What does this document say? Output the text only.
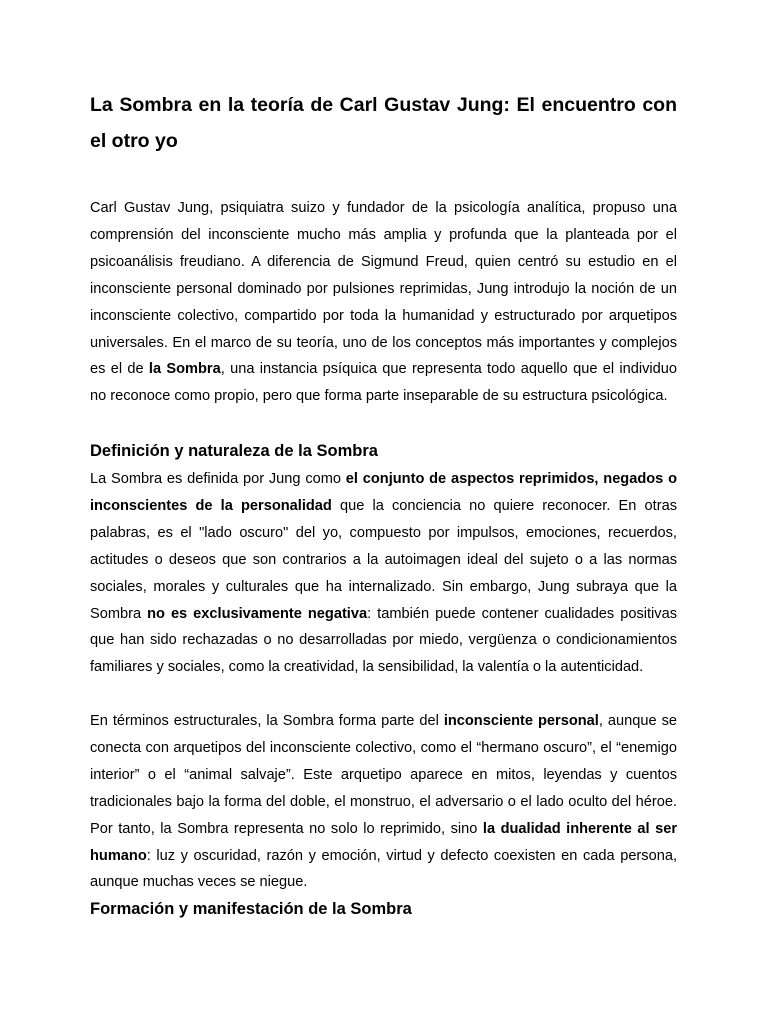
La Sombra en la teoría de Carl Gustav Jung: El encuentro con el otro yo

Carl Gustav Jung, psiquiatra suizo y fundador de la psicología analítica, propuso una comprensión del inconsciente mucho más amplia y profunda que la planteada por el psicoanálisis freudiano. A diferencia de Sigmund Freud, quien centró su estudio en el inconsciente personal dominado por pulsiones reprimidas, Jung introdujo la noción de un inconsciente colectivo, compartido por toda la humanidad y estructurado por arquetipos universales. En el marco de su teoría, uno de los conceptos más importantes y complejos es el de la Sombra, una instancia psíquica que representa todo aquello que el individuo no reconoce como propio, pero que forma parte inseparable de su estructura psicológica.

Definición y naturaleza de la Sombra

La Sombra es definida por Jung como el conjunto de aspectos reprimidos, negados o inconscientes de la personalidad que la conciencia no quiere reconocer. En otras palabras, es el "lado oscuro" del yo, compuesto por impulsos, emociones, recuerdos, actitudes o deseos que son contrarios a la autoimagen ideal del sujeto o a las normas sociales, morales y culturales que ha internalizado. Sin embargo, Jung subraya que la Sombra no es exclusivamente negativa: también puede contener cualidades positivas que han sido rechazadas o no desarrolladas por miedo, vergüenza o condicionamientos familiares y sociales, como la creatividad, la sensibilidad, la valentía o la autenticidad.

En términos estructurales, la Sombra forma parte del inconsciente personal, aunque se conecta con arquetipos del inconsciente colectivo, como el “hermano oscuro”, el “enemigo interior” o el “animal salvaje”. Este arquetipo aparece en mitos, leyendas y cuentos tradicionales bajo la forma del doble, el monstruo, el adversario o el lado oculto del héroe. Por tanto, la Sombra representa no solo lo reprimido, sino la dualidad inherente al ser humano: luz y oscuridad, razón y emoción, virtud y defecto coexisten en cada persona, aunque muchas veces se niegue.

Formación y manifestación de la Sombra
